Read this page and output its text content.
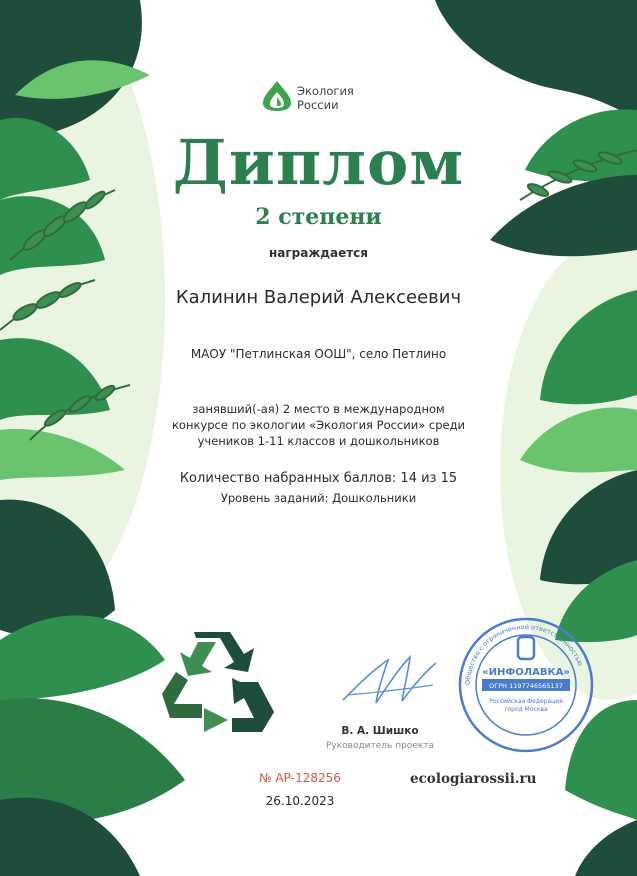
Экология
России
Диплом
2 степени
награждается
Калинин Валерий Алексеевич
МАОУ "Петлинская ООШ", село Петлино
занявший(-ая) 2 место в международном
конкурсе по экологии «Экология России» среди
учеников 1-11 классов и дошкольников
Количество набранных баллов: 14 из 15
Уровень заданий: Дошкольники
В. А. Шишко
Руководитель проекта
Общество с ограниченной ответственностью
«ИНФОЛАВКА»
ОГРН 1197746565137
Российская Федерация
город Москва
№ АР-128256
26.10.2023
ecologiarossii.ru
